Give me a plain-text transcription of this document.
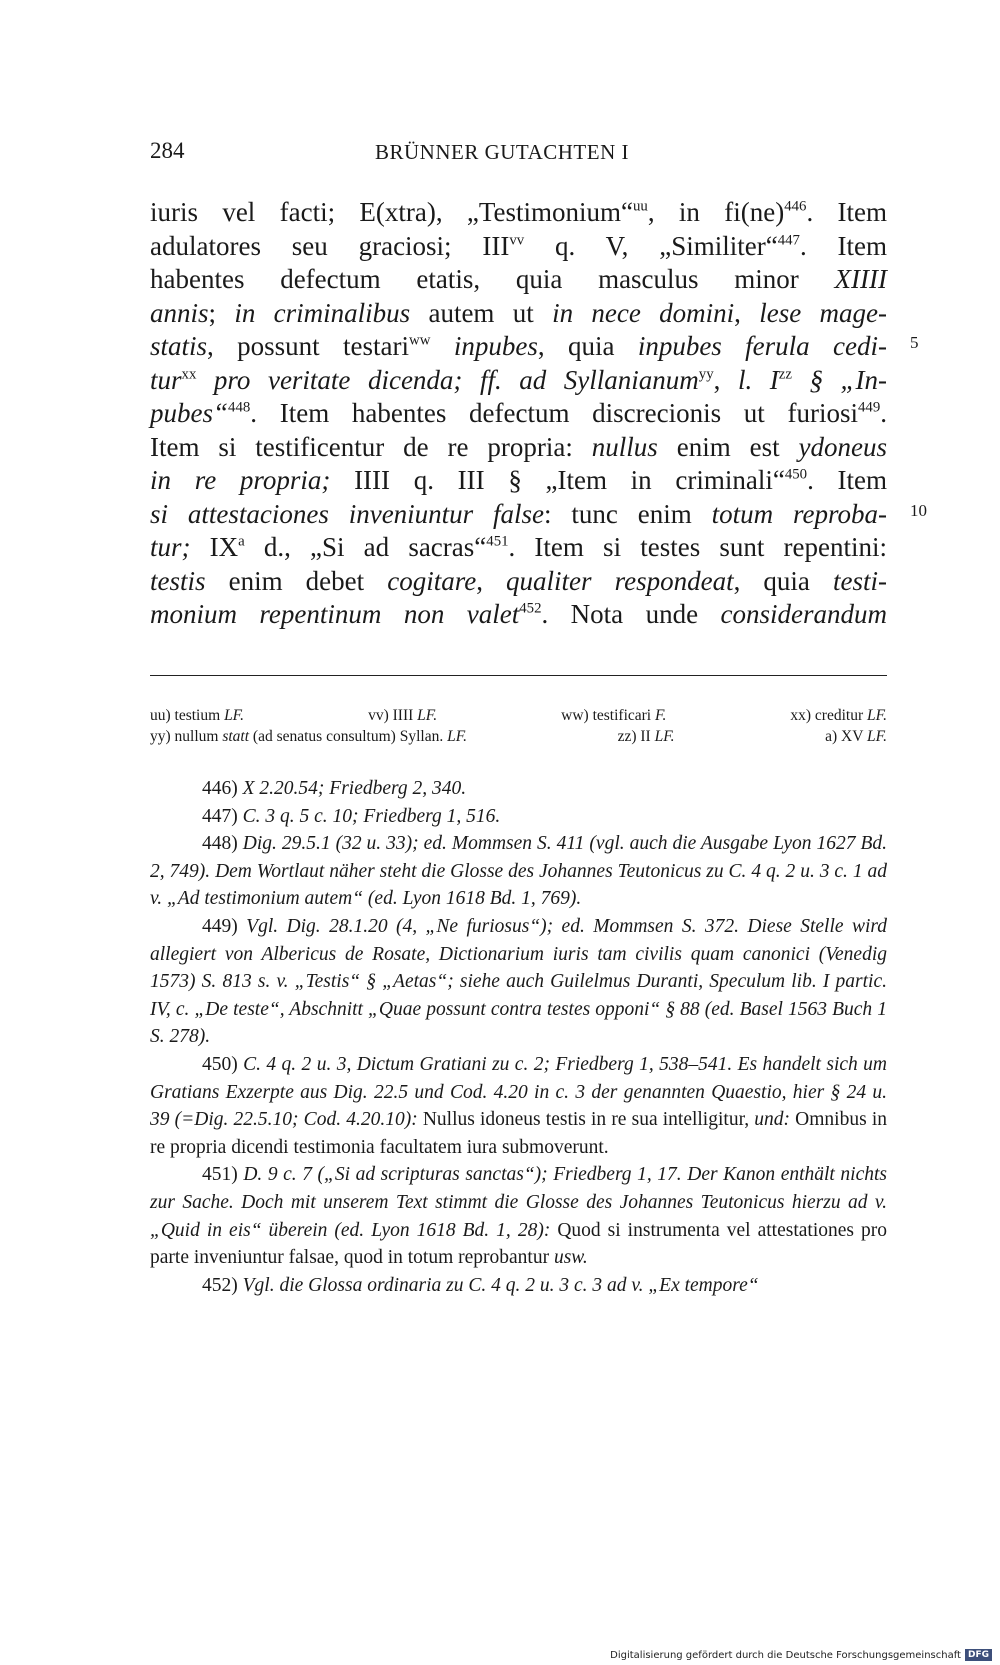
284	BRÜNNER GUTACHTEN I
iuris vel facti; E(xtra), „Testimonium“$^{uu}$, in fi(ne)$^{446}$. Item
adulatores seu graciosi; III$^{vv}$ q. V, „Similiter“$^{447}$. Item
habentes defectum etatis, quia masculus minor XIIII
annis; in criminalibus autem ut in nece domini, lese mage-
statis, possunt testari$^{ww}$ inpubes, quia inpubes ferula cedi-
tur$^{xx}$ pro veritate dicenda; ff. ad Syllanianum$^{yy}$, l. $I^{zz}$ § „In-
pubes“$^{448}$. Item habentes defectum discrecionis ut furiosi$^{449}$.
Item si testificentur de re propria: nullus enim est ydoneus
in re propria; IIII q. III § „Item in criminali“$^{450}$. Item
si attestaciones inveniuntur false: tunc enim totum reproba-
tur; $IX^a$ d., „Si ad sacras“$^{451}$. Item si testes sunt repentini:
testis enim debet cogitare, qualiter respondeat, quia testi-
monium repentinum non valet$^{452}$. Nota unde considerandum
5
10
uu) testium LF.	vv) IIII LF.	ww) testificari F.	xx) creditur LF.
yy) nullum statt (ad senatus consultum) Syllan. LF.	zz) II LF.	a) XV LF.
446) X 2.20.54; Friedberg 2, 340.
447) C. 3 q. 5 c. 10; Friedberg 1, 516.
448) Dig. 29.5.1 (32 u. 33); ed. Mommsen S. 411 (vgl. auch die Ausgabe Lyon 1627 Bd. 2, 749). Dem Wortlaut näher steht die Glosse des Johannes Teutonicus zu C. 4 q. 2 u. 3 c. 1 ad v. „Ad testimonium autem“ (ed. Lyon 1618 Bd. 1, 769).
449) Vgl. Dig. 28.1.20 (4, „Ne furiosus“); ed. Mommsen S. 372. Diese Stelle wird allegiert von Albericus de Rosate, Dictionarium iuris tam civilis quam canonici (Venedig 1573) S. 813 s. v. „Testis“ § „Aetas“; siehe auch Guilelmus Duranti, Speculum lib. I partic. IV, c. „De teste“, Abschnitt „Quae possunt contra testes opponi“ § 88 (ed. Basel 1563 Buch 1 S. 278).
450) C. 4 q. 2 u. 3, Dictum Gratiani zu c. 2; Friedberg 1, 538–541. Es handelt sich um Gratians Exzerpte aus Dig. 22.5 und Cod. 4.20 in c. 3 der genannten Quaestio, hier § 24 u. 39 (=Dig. 22.5.10; Cod. 4.20.10): Nullus idoneus testis in re sua intelligitur, und: Omnibus in re propria dicendi testimonia facultatem iura submoverunt.
451) D. 9 c. 7 („Si ad scripturas sanctas“); Friedberg 1, 17. Der Kanon enthält nichts zur Sache. Doch mit unserem Text stimmt die Glosse des Johannes Teutonicus hierzu ad v. „Quid in eis“ überein (ed. Lyon 1618 Bd. 1, 28): Quod si instrumenta vel attestationes pro parte inveniuntur falsae, quod in totum reprobantur usw.
452) Vgl. die Glossa ordinaria zu C. 4 q. 2 u. 3 c. 3 ad v. „Ex tempore“
Digitalisierung gefördert durch die Deutsche Forschungsgemeinschaft DFG
